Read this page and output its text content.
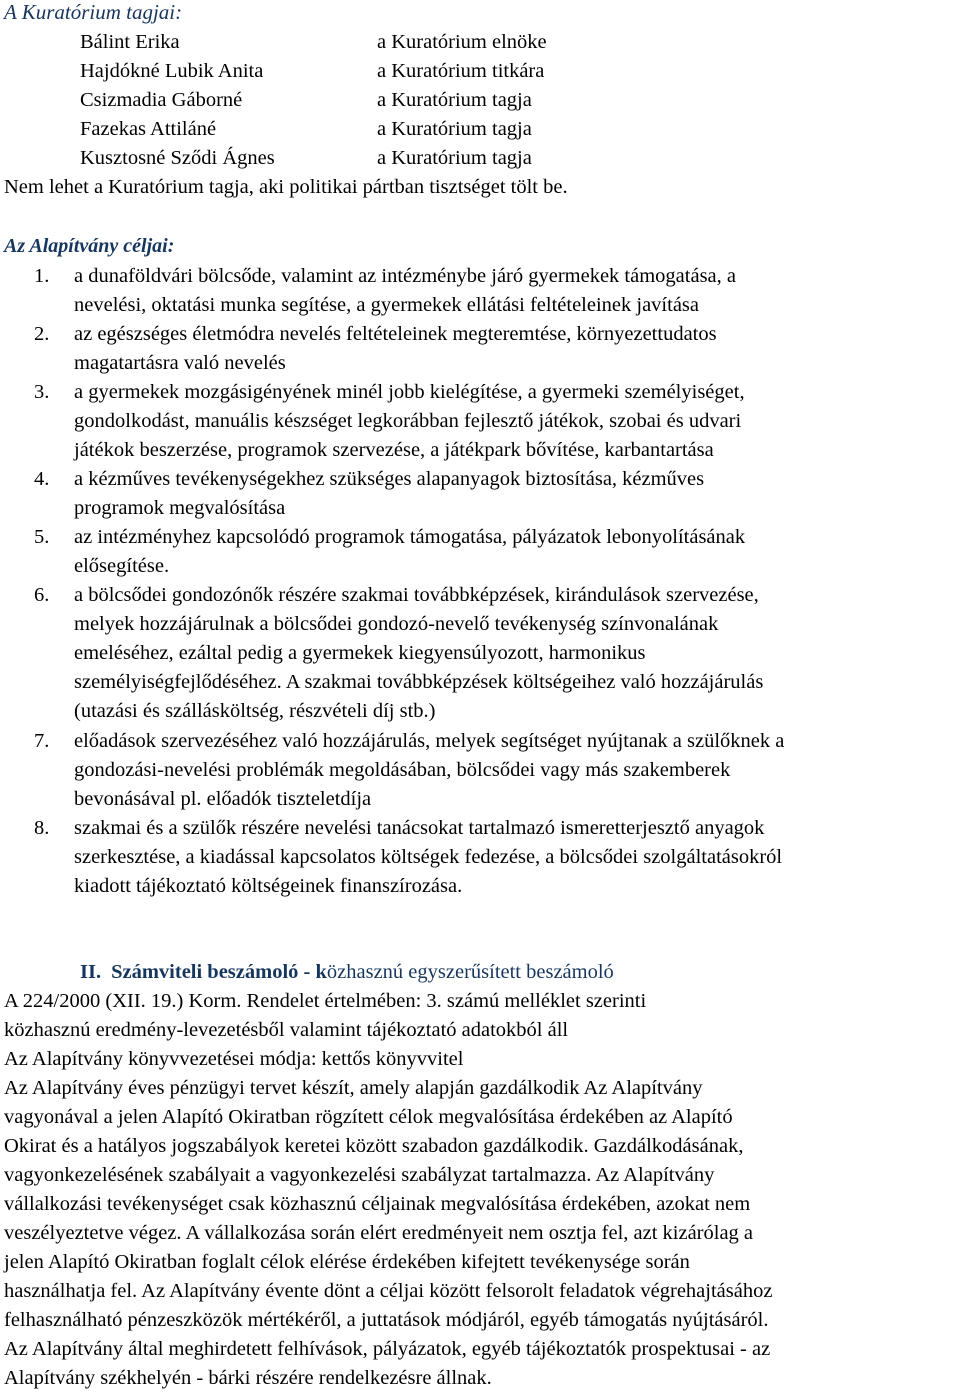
A Kuratórium tagjai:
Bálint Erika	a Kuratórium elnöke
Hajdókné Lubik Anita	a Kuratórium titkára
Csizmadia Gáborné	a Kuratórium tagja
Fazekas Attiláné	a Kuratórium tagja
Kusztosné Sződi Ágnes	a Kuratórium tagja
Nem lehet a Kuratórium tagja, aki politikai pártban tisztséget tölt be.
Az Alapítvány céljai:
1. a dunaföldvári bölcsőde, valamint az intézménybe járó gyermekek támogatása, a
nevelési, oktatási munka segítése, a gyermekek ellátási feltételeinek javítása
2. az egészséges életmódra nevelés feltételeinek megteremtése, környezettudatos
magatartásra való nevelés
3. a gyermekek mozgásigényének minél jobb kielégítése, a gyermeki személyiséget,
gondolkodást, manuális készséget legkorábban fejlesztő játékok, szobai és udvari
játékok beszerzése, programok szervezése, a játékpark bővítése, karbantartása
4. a kézműves tevékenységekhez szükséges alapanyagok biztosítása, kézműves
programok megvalósítása
5. az intézményhez kapcsolódó programok támogatása, pályázatok lebonyolításának
elősegítése.
6. a bölcsődei gondozónők részére szakmai továbbképzések, kirándulások szervezése,
melyek hozzájárulnak a bölcsődei gondozó-nevelő tevékenység színvonalának
emeléséhez, ezáltal pedig a gyermekek kiegyensúlyozott, harmonikus
személyiségfejlődéséhez. A szakmai továbbképzések költségeihez való hozzájárulás
(utazási és szállásköltség, részvételi díj stb.)
7. előadások szervezéséhez való hozzájárulás, melyek segítséget nyújtanak a szülőknek a
gondozási-nevelési problémák megoldásában, bölcsődei vagy más szakemberek
bevonásával pl. előadók tiszteletdíja
8. szakmai és a szülők részére nevelési tanácsokat tartalmazó ismeretterjesztő anyagok
szerkesztése, a kiadással kapcsolatos költségek fedezése, a bölcsődei szolgáltatásokról
kiadott tájékoztató költségeinek finanszírozása.
II. Számviteli beszámoló - közhasznú egyszerűsített beszámoló
A 224/2000 (XII. 19.) Korm. Rendelet értelmében: 3. számú melléklet szerinti
közhasznú eredmény-levezetésből valamint tájékoztató adatokból áll
Az Alapítvány könyvvezetései módja: kettős könyvvitel
Az Alapítvány éves pénzügyi tervet készít, amely alapján gazdálkodik Az Alapítvány
vagyonával a jelen Alapító Okiratban rögzített célok megvalósítása érdekében az Alapító
Okirat és a hatályos jogszabályok keretei között szabadon gazdálkodik. Gazdálkodásának,
vagyonkezelésének szabályait a vagyonkezelési szabályzat tartalmazza. Az Alapítvány
vállalkozási tevékenységet csak közhasznú céljainak megvalósítása érdekében, azokat nem
veszélyeztetve végez. A vállalkozása során elért eredményeit nem osztja fel, azt kizárólag a
jelen Alapító Okiratban foglalt célok elérése érdekében kifejtett tevékenysége során
használhatja fel. Az Alapítvány évente dönt a céljai között felsorolt feladatok végrehajtásához
felhasználható pénzeszközök mértékéről, a juttatások módjáról, egyéb támogatás nyújtásáról.
Az Alapítvány által meghirdetett felhívások, pályázatok, egyéb tájékoztatók prospektusai - az
Alapítvány székhelyén - bárki részére rendelkezésre állnak.
